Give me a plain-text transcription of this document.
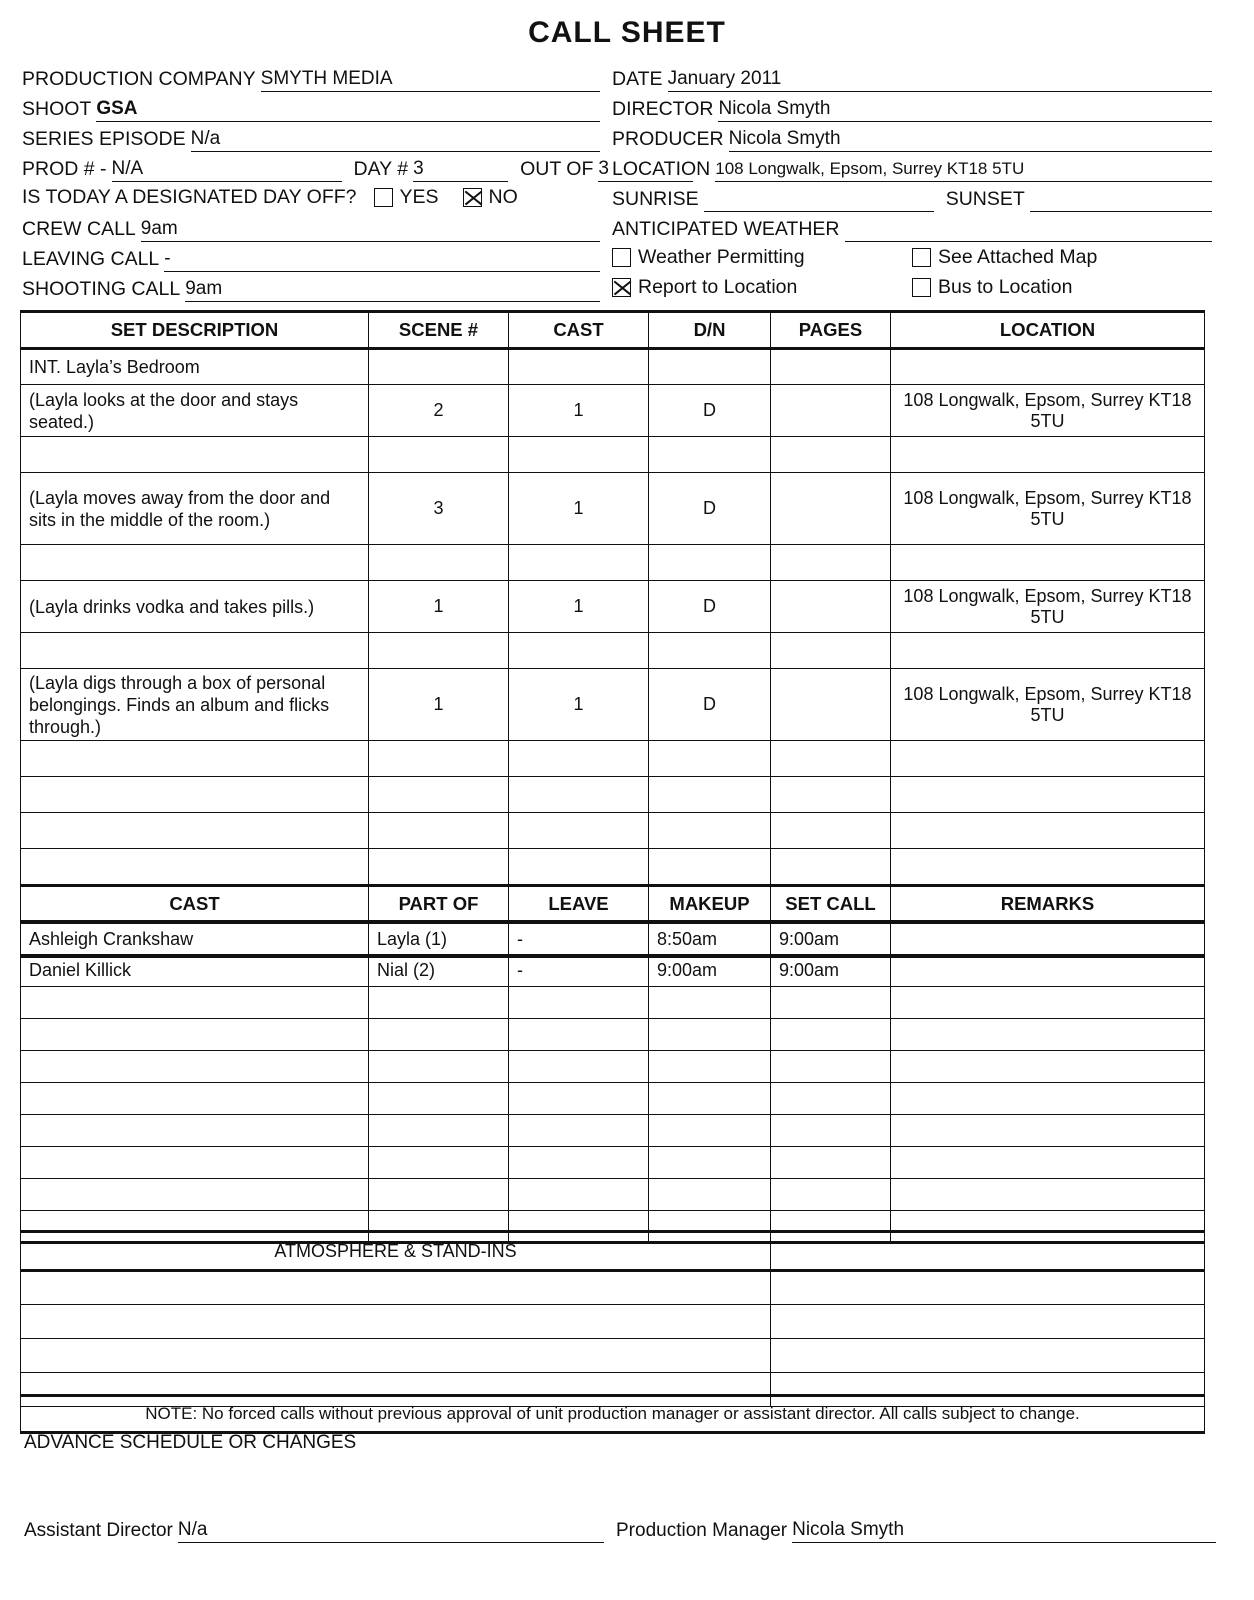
CALL SHEET
PRODUCTION COMPANY SMYTH MEDIA
SHOOT GSA
SERIES EPISODE N/a
PROD # - N/A	DAY # 3	OUT OF 3
IS TODAY A DESIGNATED DAY OFF? YES	NO
CREW CALL 9am
LEAVING CALL -
SHOOTING CALL 9am
DATE January 2011
DIRECTOR Nicola Smyth
PRODUCER Nicola Smyth
LOCATION 108 Longwalk, Epsom, Surrey KT18 5TU
SUNRISE	SUNSET
ANTICIPATED WEATHER
Weather Permitting	See Attached Map
Report to Location	Bus to Location
SET DESCRIPTION	SCENE #	CAST	D/N	PAGES	LOCATION
INT. Layla’s Bedroom					
(Layla looks at the door and stays seated.)	2	1	D		108 Longwalk, Epsom, Surrey KT18 5TU

(Layla moves away from the door and sits in the middle of the room.)	3	1	D		108 Longwalk, Epsom, Surrey KT18 5TU

(Layla drinks vodka and takes pills.)	1	1	D		108 Longwalk, Epsom, Surrey KT18 5TU

(Layla digs through a box of personal belongings. Finds an album and flicks through.)	1	1	D		108 Longwalk, Epsom, Surrey KT18 5TU

CAST	PART OF	LEAVE	MAKEUP	SET CALL	REMARKS
Ashleigh Crankshaw	Layla (1)	-	8:50am	9:00am	
Daniel Killick	Nial (2)	-	9:00am	9:00am	

ATMOSPHERE & STAND-INS	

NOTE: No forced calls without previous approval of unit production manager or assistant director. All calls subject to change.
ADVANCE SCHEDULE OR CHANGES
Assistant Director N/a	Production Manager Nicola Smyth
